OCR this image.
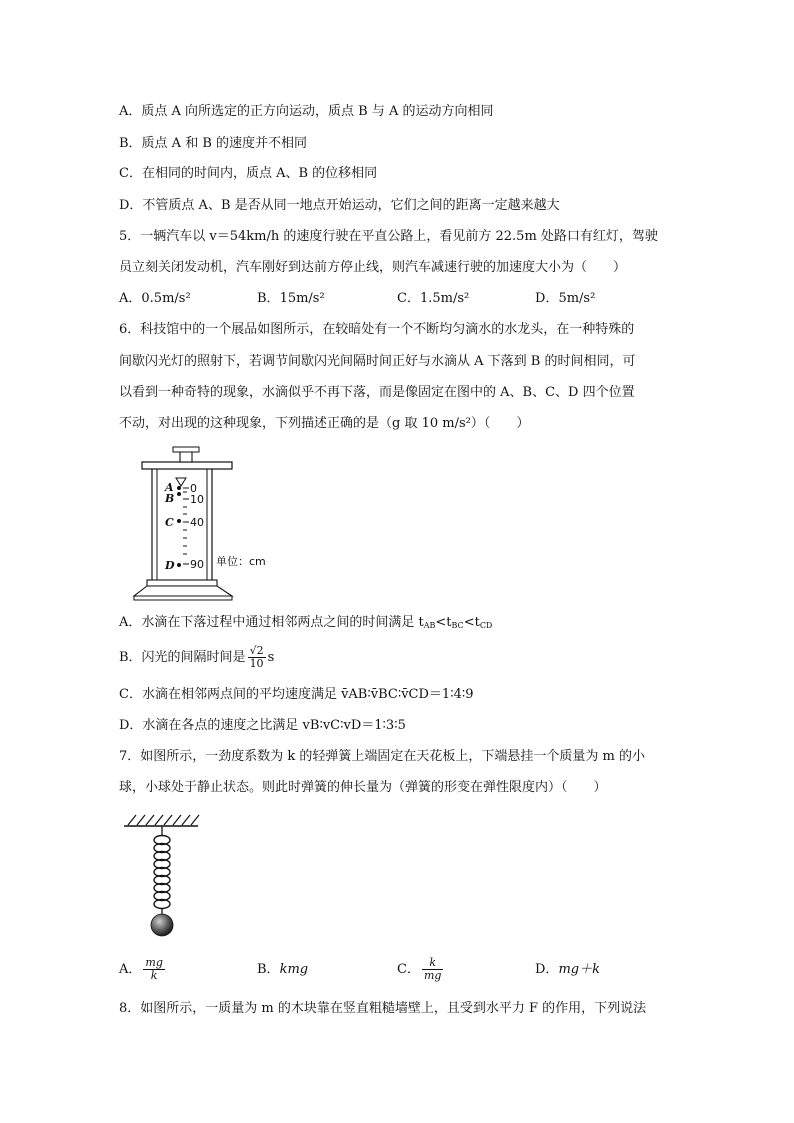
A．质点 A 向所选定的正方向运动，质点 B 与 A 的运动方向相同
B．质点 A 和 B 的速度并不相同
C．在相同的时间内，质点 A、B 的位移相同
D．不管质点 A、B 是否从同一地点开始运动，它们之间的距离一定越来越大
5．一辆汽车以 v＝54km/h 的速度行驶在平直公路上，看见前方 22.5m 处路口有红灯，驾驶
员立刻关闭发动机，汽车刚好到达前方停止线，则汽车减速行驶的加速度大小为（　　）
A．0.5m/s²	B．15m/s²	C．1.5m/s²	D．5m/s²
6．科技馆中的一个展品如图所示，在较暗处有一个不断均匀滴水的水龙头，在一种特殊的
间歇闪光灯的照射下，若调节间歇闪光间隔时间正好与水滴从 A 下落到 B 的时间相同，可
以看到一种奇特的现象，水滴似乎不再下落，而是像固定在图中的 A、B、C、D 四个位置
不动，对出现的这种现象，下列描述正确的是（g 取 10 m/s²）（　　）
A
B
C
D
0
10
40
90 单位：cm
A．水滴在下落过程中通过相邻两点之间的时间满足 $t_{AB}<t_{BC}<t_{CD}$
B．闪光的间隔时间是 $\frac{√2}{10}$ s
C．水滴在相邻两点间的平均速度满足 v̄AB∶v̄BC∶v̄CD＝1∶4∶9
D．水滴在各点的速度之比满足 vB∶vC∶vD＝1∶3∶5
7．如图所示，一劲度系数为 k 的轻弹簧上端固定在天花板上，下端悬挂一个质量为 m 的小
球，小球处于静止状态。则此时弹簧的伸长量为（弹簧的形变在弹性限度内）（　　）
A． $\frac{mg}{k}$	B．kmg	C． $\frac{k}{mg}$	D．mg＋k
8．如图所示，一质量为 m 的木块靠在竖直粗糙墙壁上，且受到水平力 F 的作用，下列说法
